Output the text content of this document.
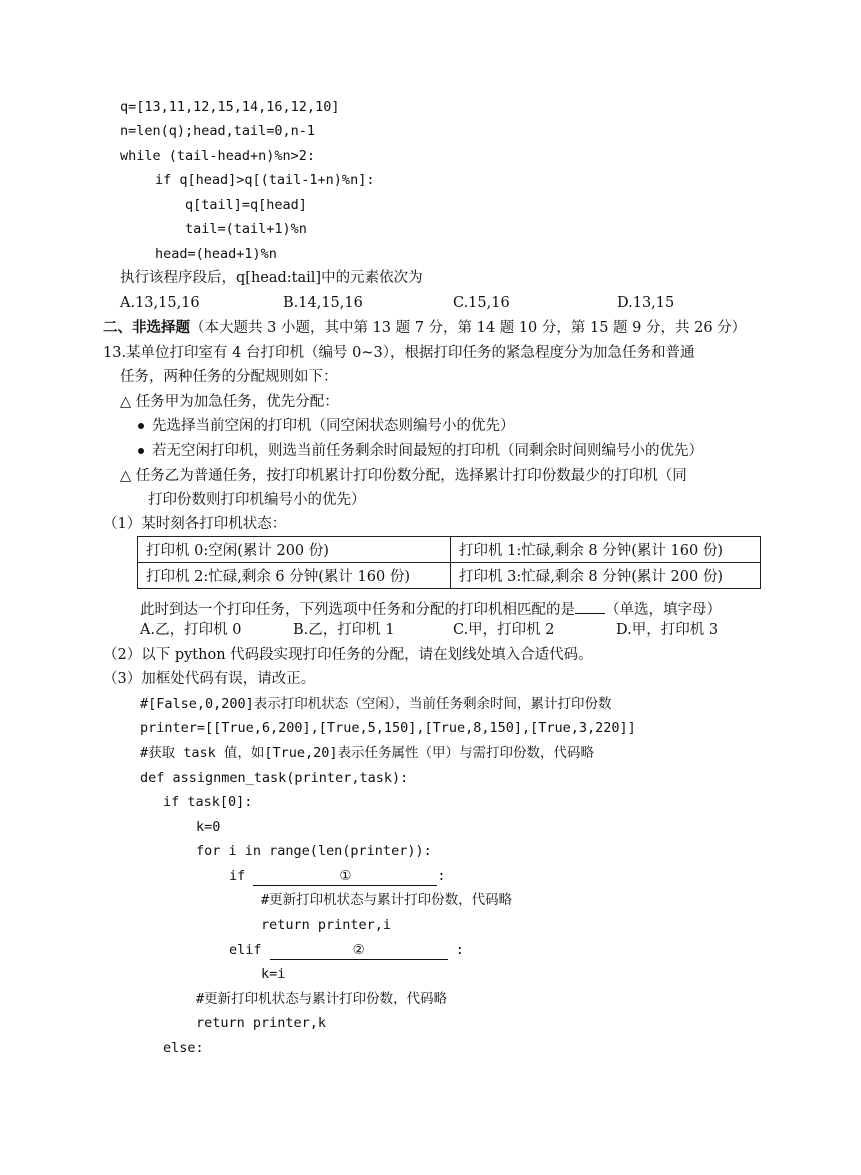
q=[13,11,12,15,14,16,12,10]
n=len(q);head,tail=0,n-1
while (tail-head+n)%n>2:
if q[head]>q[(tail-1+n)%n]:
q[tail]=q[head]
tail=(tail+1)%n
head=(head+1)%n
执行该程序段后，q[head:tail]中的元素依次为
A.13,15,16	B.14,15,16	C.15,16	D.13,15
二、非选择题（本大题共 3 小题，其中第 13 题 7 分，第 14 题 10 分，第 15 题 9 分，共 26 分）
13.某单位打印室有 4 台打印机（编号 0~3），根据打印任务的紧急程度分为加急任务和普通
任务，两种任务的分配规则如下：
△ 任务甲为加急任务，优先分配：
先选择当前空闲的打印机（同空闲状态则编号小的优先）
若无空闲打印机，则选当前任务剩余时间最短的打印机（同剩余时间则编号小的优先）
△ 任务乙为普通任务，按打印机累计打印份数分配，选择累计打印份数最少的打印机（同
打印份数则打印机编号小的优先）
（1）某时刻各打印机状态：
打印机 0:空闲(累计 200 份)	打印机 1:忙碌,剩余 8 分钟(累计 160 份)
打印机 2:忙碌,剩余 6 分钟(累计 160 份)	打印机 3:忙碌,剩余 8 分钟(累计 200 份)
此时到达一个打印任务，下列选项中任务和分配的打印机相匹配的是 （单选，填字母）
A.乙，打印机 0	B.乙，打印机 1	C.甲，打印机 2	D.甲，打印机 3
（2）以下 python 代码段实现打印任务的分配，请在划线处填入合适代码。
（3）加框处代码有误，请改正。
#[False,0,200]表示打印机状态（空闲），当前任务剩余时间，累计打印份数
printer=[[True,6,200],[True,5,150],[True,8,150],[True,3,220]]
#获取 task 值，如[True,20]表示任务属性（甲）与需打印份数，代码略
def assignmen_task(printer,task):
if task[0]:
k=0
for i in range(len(printer)):
if	①	:
#更新打印机状态与累计打印份数，代码略
return printer,i
elif	②	:
k=i
#更新打印机状态与累计打印份数，代码略
return printer,k
else:
